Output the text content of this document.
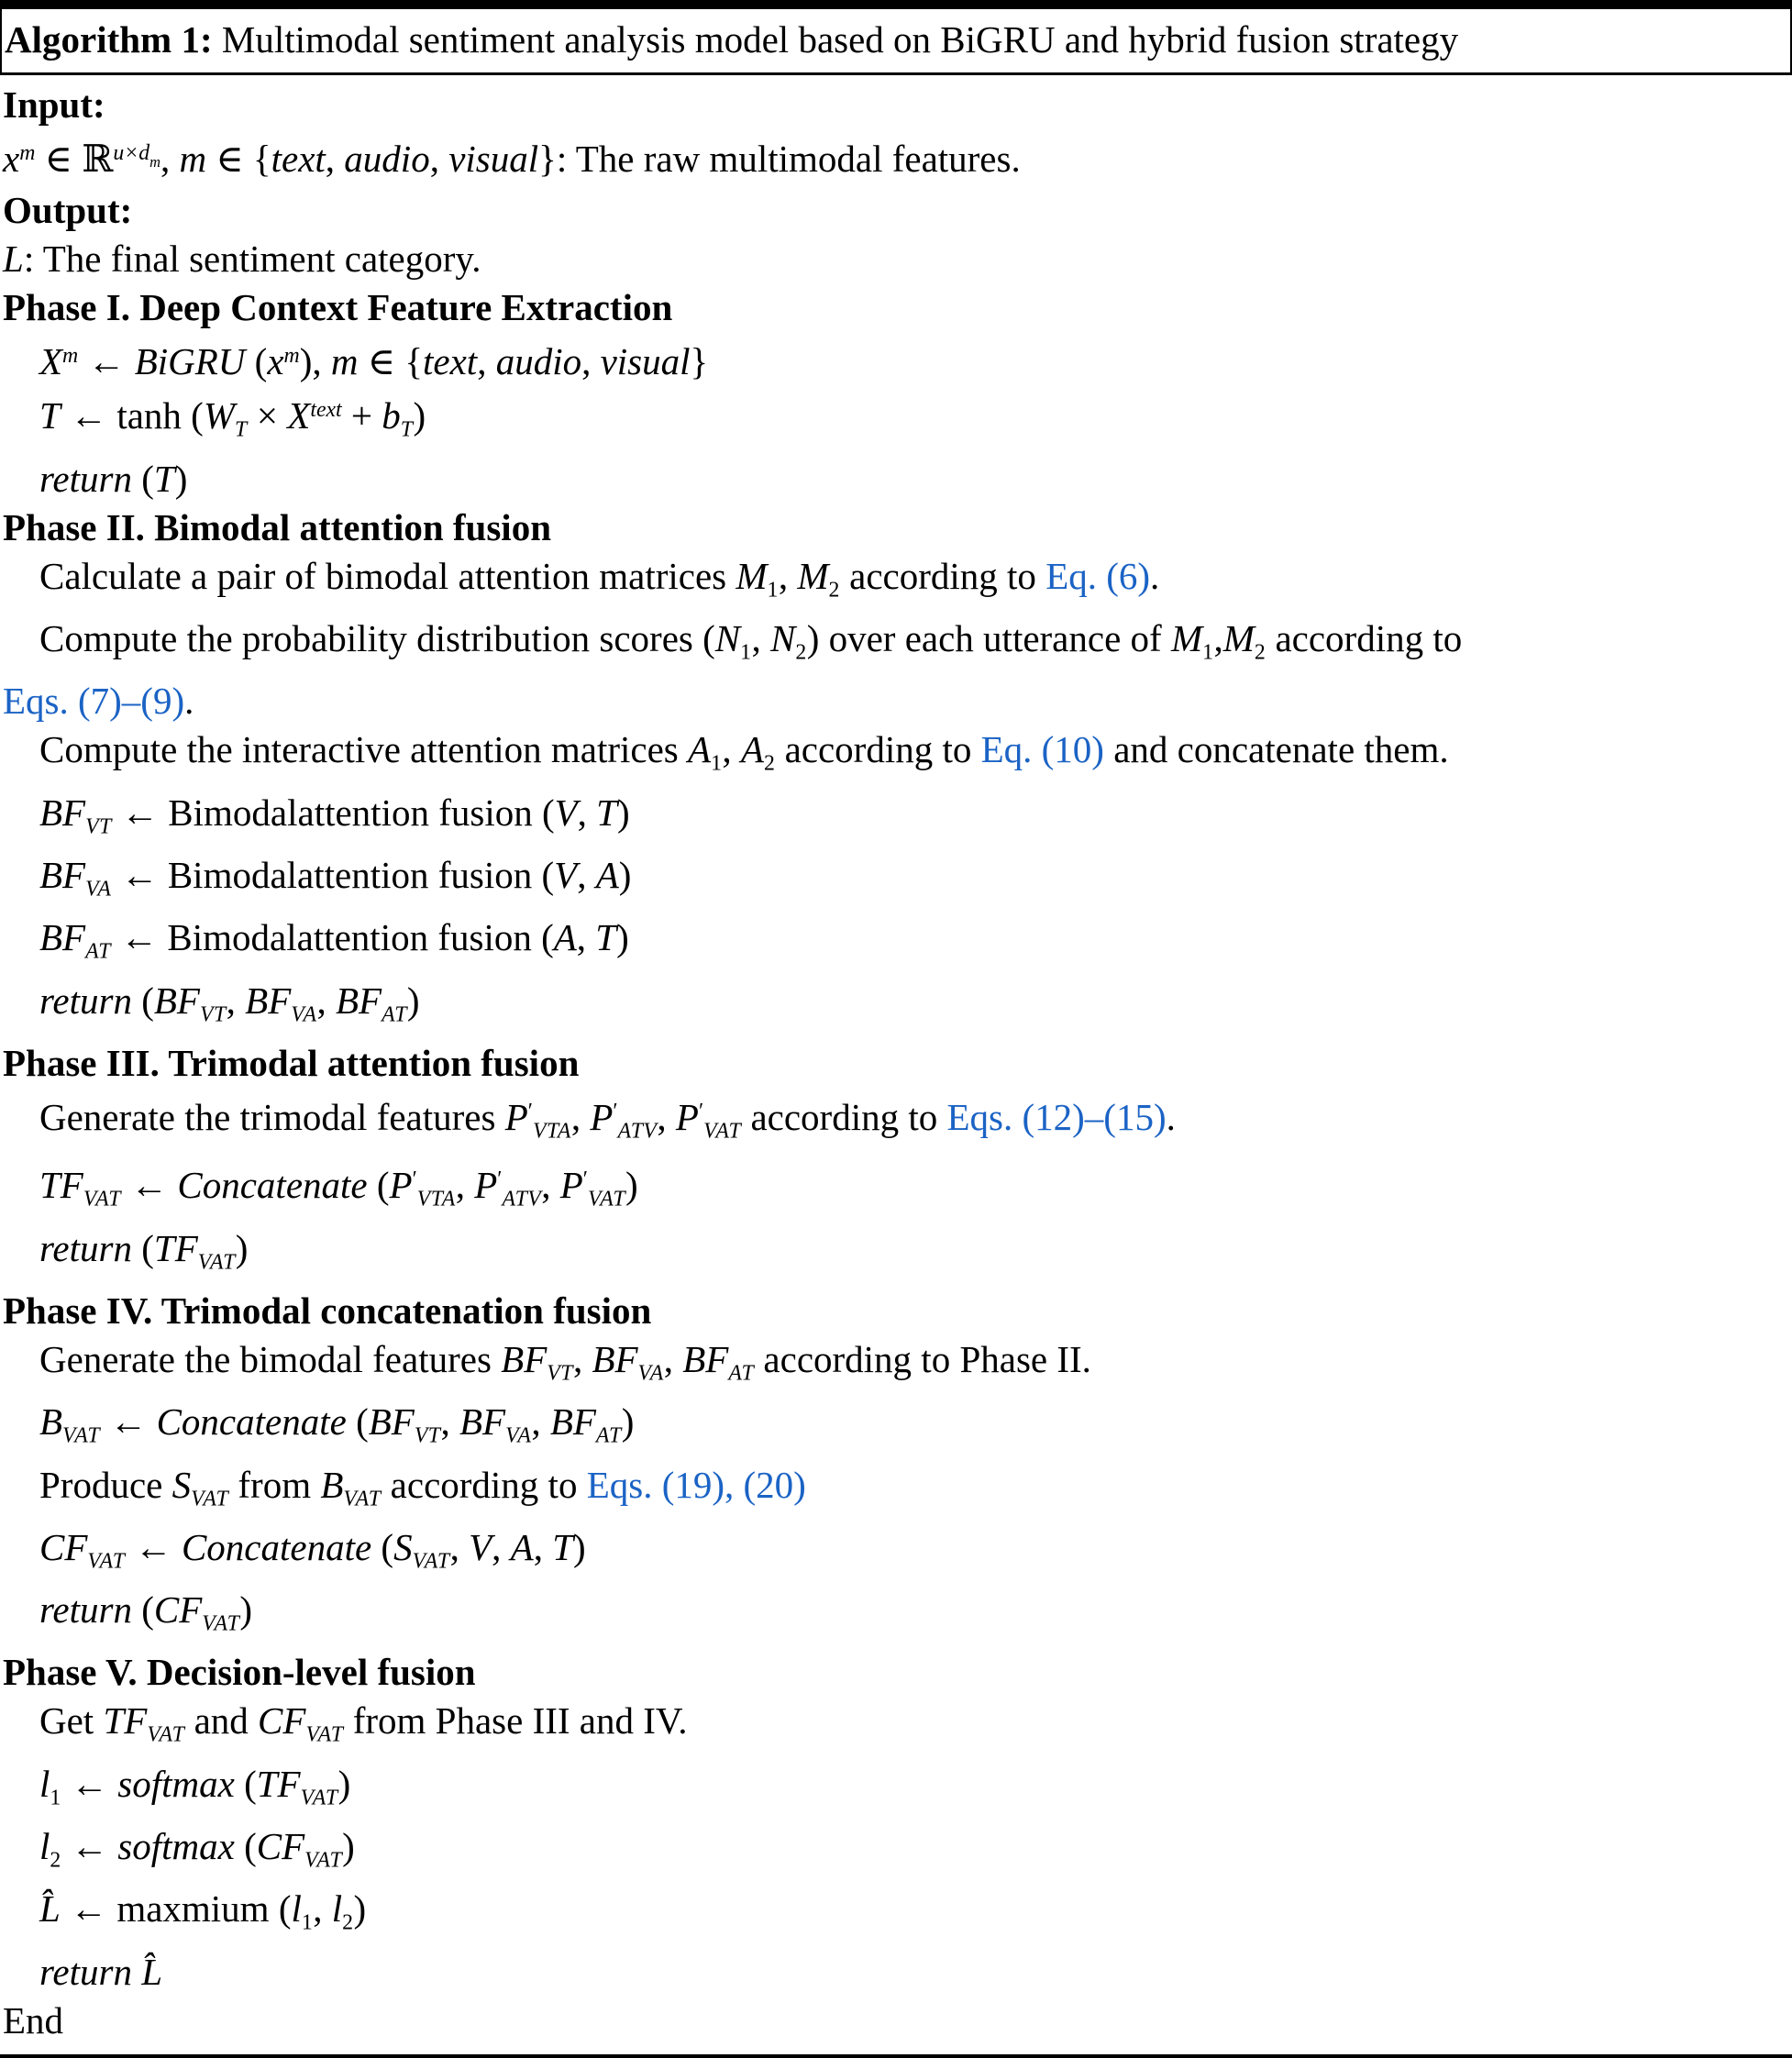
Algorithm 1: Multimodal sentiment analysis model based on BiGRU and hybrid fusion strategy
Input:
$x^m$ ∈ ℝ$^{u\times d}$m, m ∈ {text, audio, visual}: The raw multimodal features.
Output:
L: The final sentiment category.
Phase I. Deep Context Feature Extraction
$X^m$ ← BiGRU $(x^m)$, m ∈ {text, audio, visual}
T ← $\tanh (W_T \times X^{text} + b_T)$
return (T)
Phase II. Bimodal attention fusion
Calculate a pair of bimodal attention matrices $M_1$, $M_2$ according to Eq. (6).
Compute the probability distribution scores ($N_1$, $N_2$) over each utterance of $M_1,M_2$ according to
Eqs. (7)–(9).
Compute the interactive attention matrices $A_1$, $A_2$ according to Eq. (10) and concatenate them.
$BF_{VT}$ ← Bimodalattention fusion (V, T)
$BF_{VA}$ ← Bimodalattention fusion (V, A)
$BF_{AT}$ ← Bimodalattention fusion (A, T)
return ($BF_{VT}$, $BF_{VA}$, $BF_{AT}$)
Phase III. Trimodal attention fusion
Generate the trimodal features $P'_{VTA}$, $P'_{ATV}$, $P'_{VAT}$ according to Eqs. (12)–(15).
$TF_{VAT}$ ← Concatenate ($P'_{VTA}$, $P'_{ATV}$, $P'_{VAT}$)
return $(TF_{VAT})$
Phase IV. Trimodal concatenation fusion
Generate the bimodal features $BF_{VT}$, $BF_{VA}$, $BF_{AT}$ according to Phase II.
$B_{VAT}$ ← Concatenate ($BF_{VT}$, $BF_{VA}$, $BF_{AT}$)
Produce $S_{VAT}$ from $B_{VAT}$ according to Eqs. (19), (20)
$CF_{VAT}$ ← Concatenate ($S_{VAT}$, V, A, T)
return $(CF_{VAT})$
Phase V. Decision-level fusion
Get $TF_{VAT}$ and $CF_{VAT}$ from Phase III and IV.
$l_1$ ← softmax $(TF_{VAT})$
$l_2$ ← softmax $(CF_{VAT})$
L̂ ← maxmium ($l_1$, $l_2$)
return L̂
End
